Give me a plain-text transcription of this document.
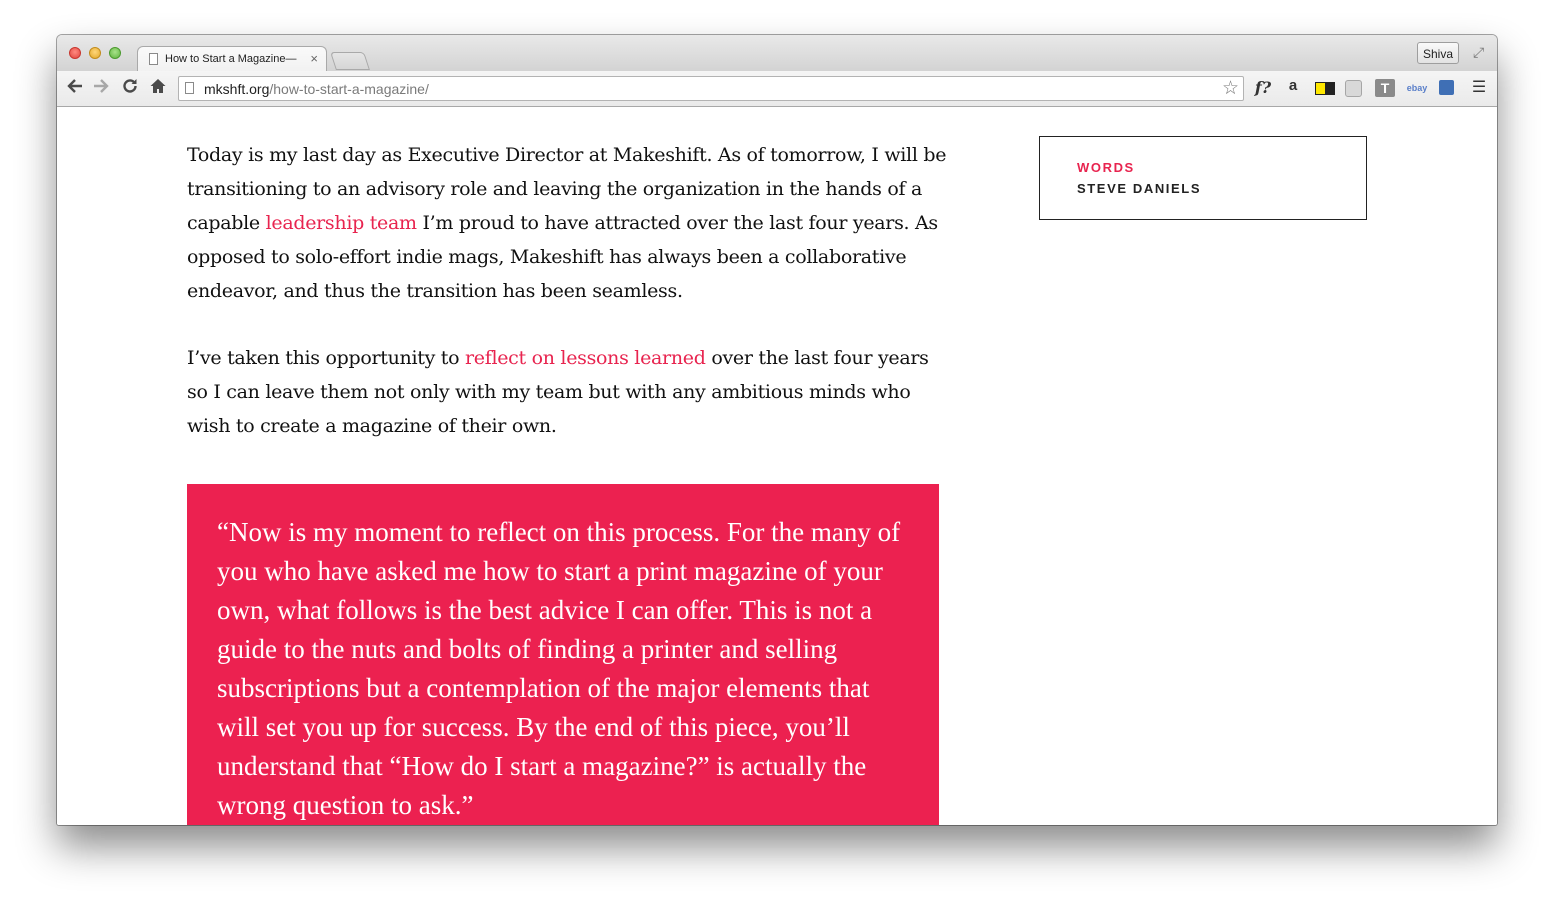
How to Start a Magazine—	×	Shiva	⤢
mkshft.org/how-to-start-a-magazine/	☆ f?	a	T	ebay	☰

Today is my last day as Executive Director at Makeshift. As of tomorrow, I will be transitioning to an advisory role and leaving the organization in the hands of a capable leadership team I’m proud to have attracted over the last four years. As opposed to solo-effort indie mags, Makeshift has always been a collaborative endeavor, and thus the transition has been seamless.

I’ve taken this opportunity to reflect on lessons learned over the last four years so I can leave them not only with my team but with any ambitious minds who wish to create a magazine of their own.

“Now is my moment to reflect on this process. For the many of you who have asked me how to start a print magazine of your own, what follows is the best advice I can offer. This is not a guide to the nuts and bolts of finding a printer and selling subscriptions but a contemplation of the major elements that will set you up for success. By the end of this piece, you’ll understand that “How do I start a magazine?” is actually the wrong question to ask.”

WORDS
STEVE DANIELS
